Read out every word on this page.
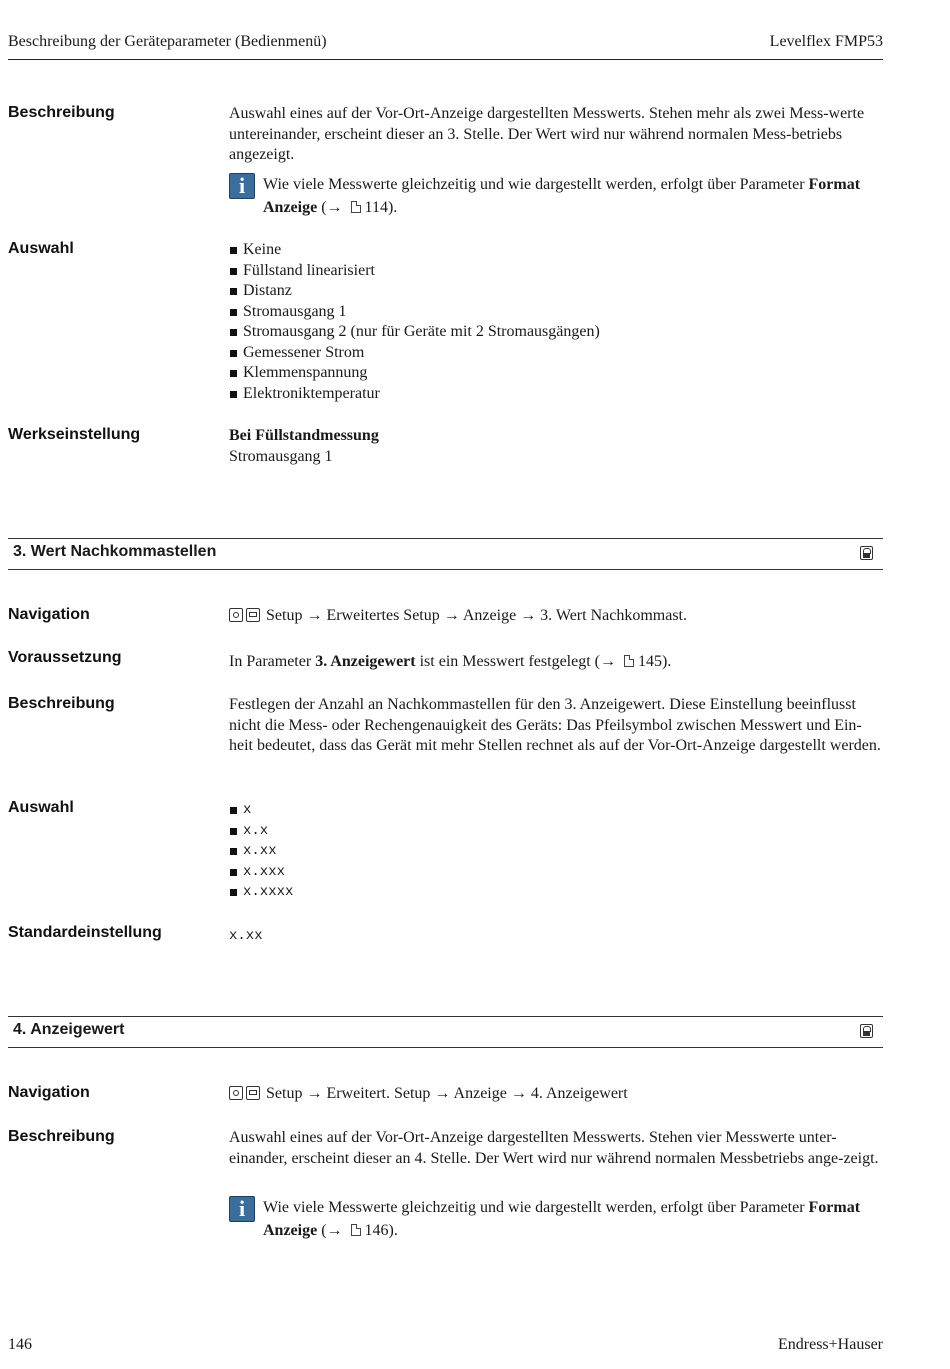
Beschreibung der Geräteparameter (Bedienmenü)	Levelflex FMP53
Beschreibung	Auswahl eines auf der Vor-Ort-Anzeige dargestellten Messwerts. Stehen mehr als zwei Mess-werte untereinander, erscheint dieser an 3. Stelle. Der Wert wird nur während normalen Mess-betriebs angezeigt.
i	Wie viele Messwerte gleichzeitig und wie dargestellt werden, erfolgt über Parameter Format Anzeige (→ 114).
Auswahl	Keine
Füllstand linearisiert
Distanz
Stromausgang 1
Stromausgang 2 (nur für Geräte mit 2 Stromausgängen)
Gemessener Strom
Klemmenspannung
Elektroniktemperatur
Werkseinstellung	Bei Füllstandmessung
Stromausgang 1
3. Wert Nachkommastellen
Navigation	Setup → Erweitertes Setup → Anzeige → 3. Wert Nachkommast.
Voraussetzung	In Parameter 3. Anzeigewert ist ein Messwert festgelegt (→ 145).
Beschreibung	Festlegen der Anzahl an Nachkommastellen für den 3. Anzeigewert. Diese Einstellung beeinflusst nicht die Mess- oder Rechengenauigkeit des Geräts: Das Pfeilsymbol zwischen Messwert und Ein-heit bedeutet, dass das Gerät mit mehr Stellen rechnet als auf der Vor-Ort-Anzeige dargestellt werden.
Auswahl	x
x.x
x.xx
x.xxx
x.xxxx
Standardeinstellung	x.xx
4. Anzeigewert
Navigation	Setup → Erweitert. Setup → Anzeige → 4. Anzeigewert
Beschreibung	Auswahl eines auf der Vor-Ort-Anzeige dargestellten Messwerts. Stehen vier Messwerte unter-einander, erscheint dieser an 4. Stelle. Der Wert wird nur während normalen Messbetriebs ange-zeigt.
i	Wie viele Messwerte gleichzeitig und wie dargestellt werden, erfolgt über Parameter Format Anzeige (→ 146).
146	Endress+Hauser
